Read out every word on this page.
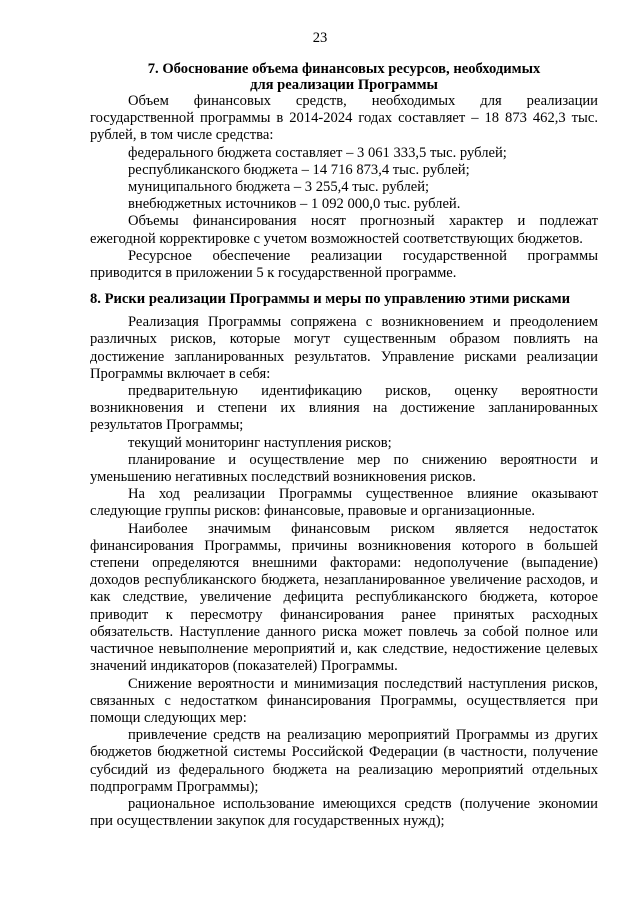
23
7. Обоснование объема финансовых ресурсов, необходимых
для реализации Программы

Объем финансовых средств, необходимых для реализации государственной программы в 2014-2024 годах составляет – 18 873 462,3 тыс. рублей, в том числе средства:

федерального бюджета составляет – 3 061 333,5 тыс. рублей;

республиканского бюджета – 14 716 873,4 тыс. рублей;

муниципального бюджета – 3 255,4 тыс. рублей;

внебюджетных источников – 1 092 000,0 тыс. рублей.

Объемы финансирования носят прогнозный характер и подлежат ежегодной корректировке с учетом возможностей соответствующих бюджетов.

Ресурсное обеспечение реализации государственной программы приводится в приложении 5 к государственной программе.

8. Риски реализации Программы и меры по управлению этими рисками

Реализация Программы сопряжена с возникновением и преодолением различных рисков, которые могут существенным образом повлиять на достижение запланированных результатов. Управление рисками реализации Программы включает в себя:

предварительную идентификацию рисков, оценку вероятности возникновения и степени их влияния на достижение запланированных результатов Программы;

текущий мониторинг наступления рисков;

планирование и осуществление мер по снижению вероятности и уменьшению негативных последствий возникновения рисков.

На ход реализации Программы существенное влияние оказывают следующие группы рисков: финансовые, правовые и организационные.

Наиболее значимым финансовым риском является недостаток финансирования Программы, причины возникновения которого в большей степени определяются внешними факторами: недополучение (выпадение) доходов республиканского бюджета, незапланированное увеличение расходов, и как следствие, увеличение дефицита республиканского бюджета, которое приводит к пересмотру финансирования ранее принятых расходных обязательств. Наступление данного риска может повлечь за собой полное или частичное невыполнение мероприятий и, как следствие, недостижение целевых значений индикаторов (показателей) Программы.

Снижение вероятности и минимизация последствий наступления рисков, связанных с недостатком финансирования Программы, осуществляется при помощи следующих мер:

привлечение средств на реализацию мероприятий Программы из других бюджетов бюджетной системы Российской Федерации (в частности, получение субсидий из федерального бюджета на реализацию мероприятий отдельных подпрограмм Программы);

рациональное использование имеющихся средств (получение экономии при осуществлении закупок для государственных нужд);
